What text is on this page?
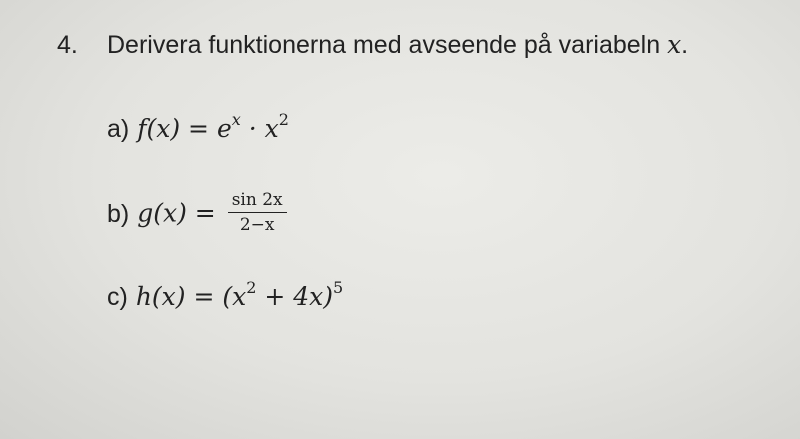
4. Derivera funktionerna med avseende på variabeln x.
a) $f(x) = e^x \cdot x^2$
b) $g(x) = \frac{\sin 2x}{2-x}$
c) $h(x) = (x^2 + 4x)^5$
